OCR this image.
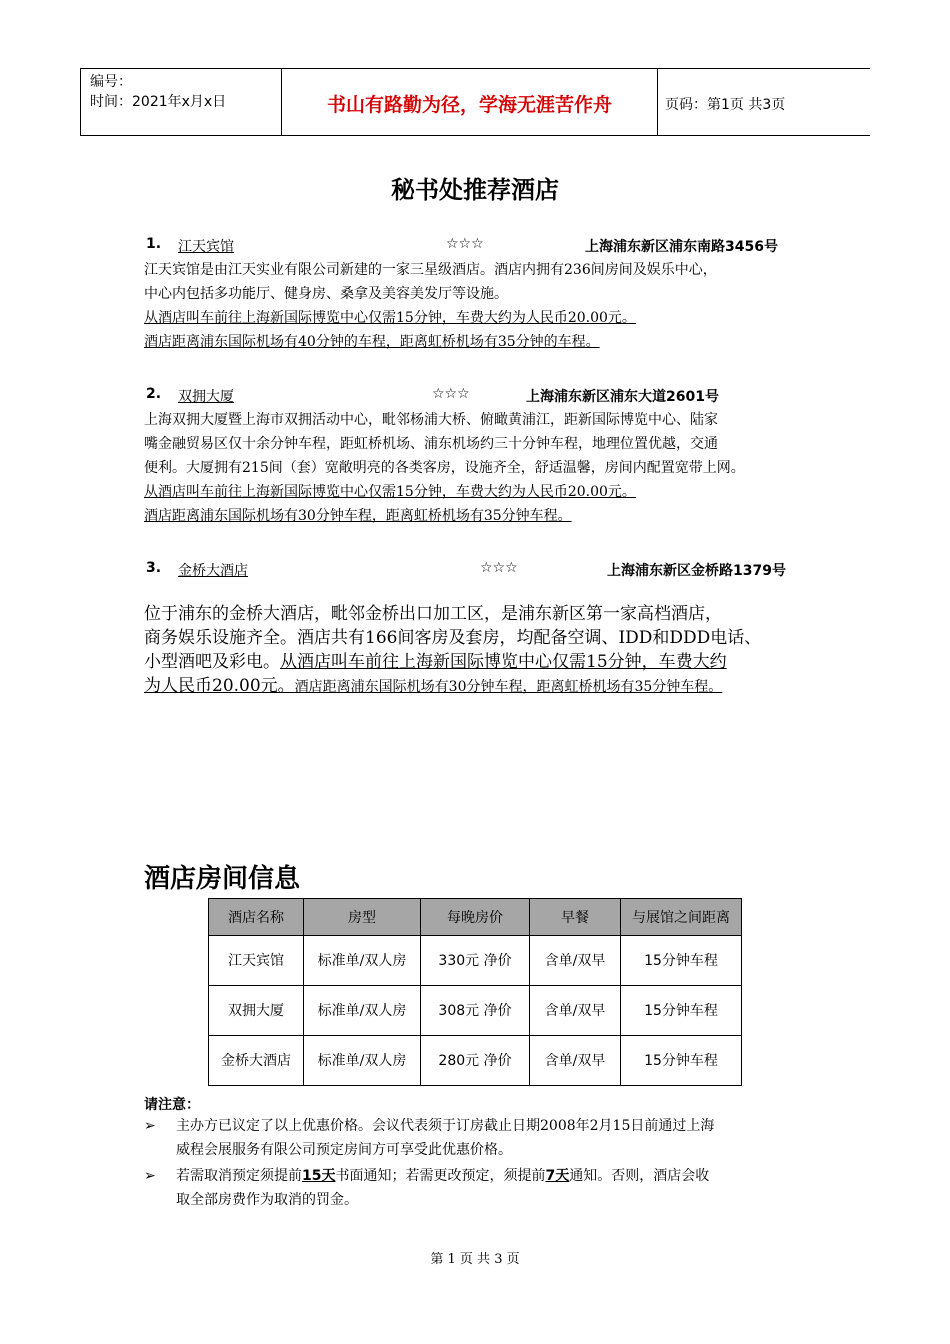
编号：
时间：2021年x月x日	书山有路勤为径，学海无涯苦作舟	页码：第1页 共3页
秘书处推荐酒店
1. 江天宾馆	☆☆☆	上海浦东新区浦东南路3456号
江天宾馆是由江天实业有限公司新建的一家三星级酒店。酒店内拥有236间房间及娱乐中心，
中心内包括多功能厅、健身房、桑拿及美容美发厅等设施。
从酒店叫车前往上海新国际博览中心仅需15分钟，车费大约为人民币20.00元。
酒店距离浦东国际机场有40分钟的车程，距离虹桥机场有35分钟的车程。
2. 双拥大厦	☆☆☆	上海浦东新区浦东大道2601号
上海双拥大厦暨上海市双拥活动中心，毗邻杨浦大桥、俯瞰黄浦江，距新国际博览中心、陆家
嘴金融贸易区仅十余分钟车程，距虹桥机场、浦东机场约三十分钟车程，地理位置优越，交通
便利。大厦拥有215间（套）宽敞明亮的各类客房，设施齐全，舒适温馨，房间内配置宽带上网。
从酒店叫车前往上海新国际博览中心仅需15分钟，车费大约为人民币20.00元。
酒店距离浦东国际机场有30分钟车程，距离虹桥机场有35分钟车程。
3. 金桥大酒店	☆☆☆	上海浦东新区金桥路1379号
位于浦东的金桥大酒店，毗邻金桥出口加工区，是浦东新区第一家高档酒店，
商务娱乐设施齐全。酒店共有166间客房及套房，均配备空调、IDD和DDD电话、
小型酒吧及彩电。从酒店叫车前往上海新国际博览中心仅需15分钟，车费大约
为人民币20.00元。酒店距离浦东国际机场有30分钟车程，距离虹桥机场有35分钟车程。
酒店房间信息
酒店名称	房型	每晚房价	早餐	与展馆之间距离
江天宾馆	标准单/双人房	330元 净价	含单/双早	15分钟车程
双拥大厦	标准单/双人房	308元 净价	含单/双早	15分钟车程
金桥大酒店	标准单/双人房	280元 净价	含单/双早	15分钟车程
请注意：
➢ 主办方已议定了以上优惠价格。会议代表须于订房截止日期2008年2月15日前通过上海
威程会展服务有限公司预定房间方可享受此优惠价格。
➢ 若需取消预定须提前15天书面通知；若需更改预定，须提前7天通知。否则，酒店会收
取全部房费作为取消的罚金。
第 1 页 共 3 页
